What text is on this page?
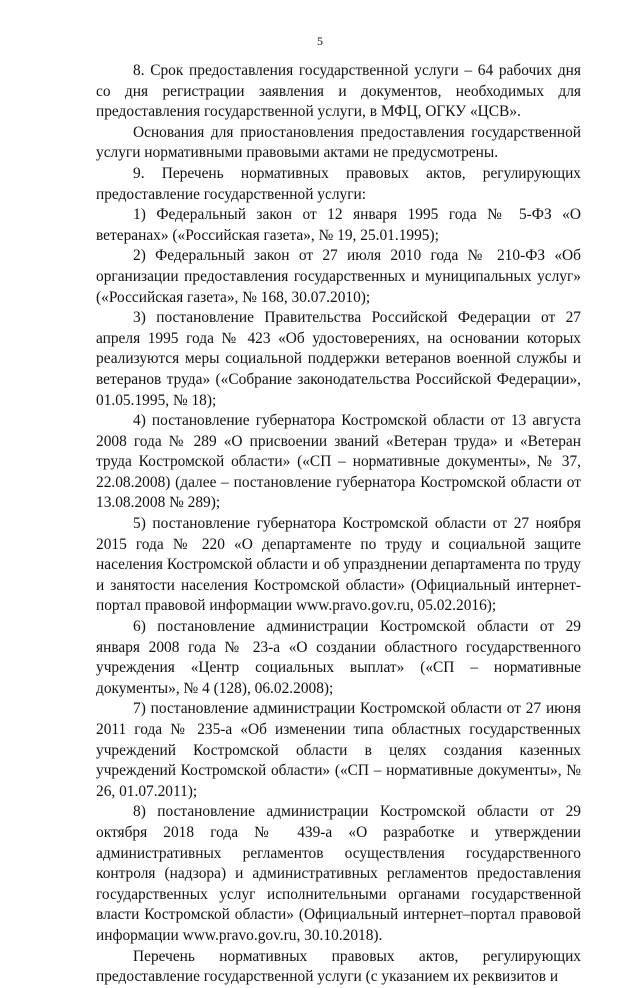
5

8. Срок предоставления государственной услуги – 64 рабочих дня со дня регистрации заявления и документов, необходимых для предоставления государственной услуги, в МФЦ, ОГКУ «ЦСВ».

Основания для приостановления предоставления государственной услуги нормативными правовыми актами не предусмотрены.

9. Перечень нормативных правовых актов, регулирующих предоставление государственной услуги:

1) Федеральный закон от 12 января 1995 года № 5-ФЗ «О ветеранах» («Российская газета», № 19, 25.01.1995);

2) Федеральный закон от 27 июля 2010 года № 210-ФЗ «Об организации предоставления государственных и муниципальных услуг» («Российская газета», № 168, 30.07.2010);

3) постановление Правительства Российской Федерации от 27 апреля 1995 года № 423 «Об удостоверениях, на основании которых реализуются меры социальной поддержки ветеранов военной службы и ветеранов труда» («Собрание законодательства Российской Федерации», 01.05.1995, № 18);

4) постановление губернатора Костромской области от 13 августа 2008 года № 289 «О присвоении званий «Ветеран труда» и «Ветеран труда Костромской области» («СП – нормативные документы», № 37, 22.08.2008) (далее – постановление губернатора Костромской области от 13.08.2008 № 289);

5) постановление губернатора Костромской области от 27 ноября 2015 года № 220 «О департаменте по труду и социальной защите населения Костромской области и об упразднении департамента по труду и занятости населения Костромской области» (Официальный интернет-портал правовой информации www.pravo.gov.ru, 05.02.2016);

6) постановление администрации Костромской области от 29 января 2008 года № 23-а «О создании областного государственного учреждения «Центр социальных выплат» («СП – нормативные документы», № 4 (128), 06.02.2008);

7) постановление администрации Костромской области от 27 июня 2011 года № 235-а «Об изменении типа областных государственных учреждений Костромской области в целях создания казенных учреждений Костромской области» («СП – нормативные документы», № 26, 01.07.2011);

8) постановление администрации Костромской области от 29 октября 2018 года № 439-а «О разработке и утверждении административных регламентов осуществления государственного контроля (надзора) и административных регламентов предоставления государственных услуг исполнительными органами государственной власти Костромской области» (Официальный интернет–портал правовой информации www.pravo.gov.ru, 30.10.2018).

Перечень нормативных правовых актов, регулирующих предоставление государственной услуги (с указанием их реквизитов и
